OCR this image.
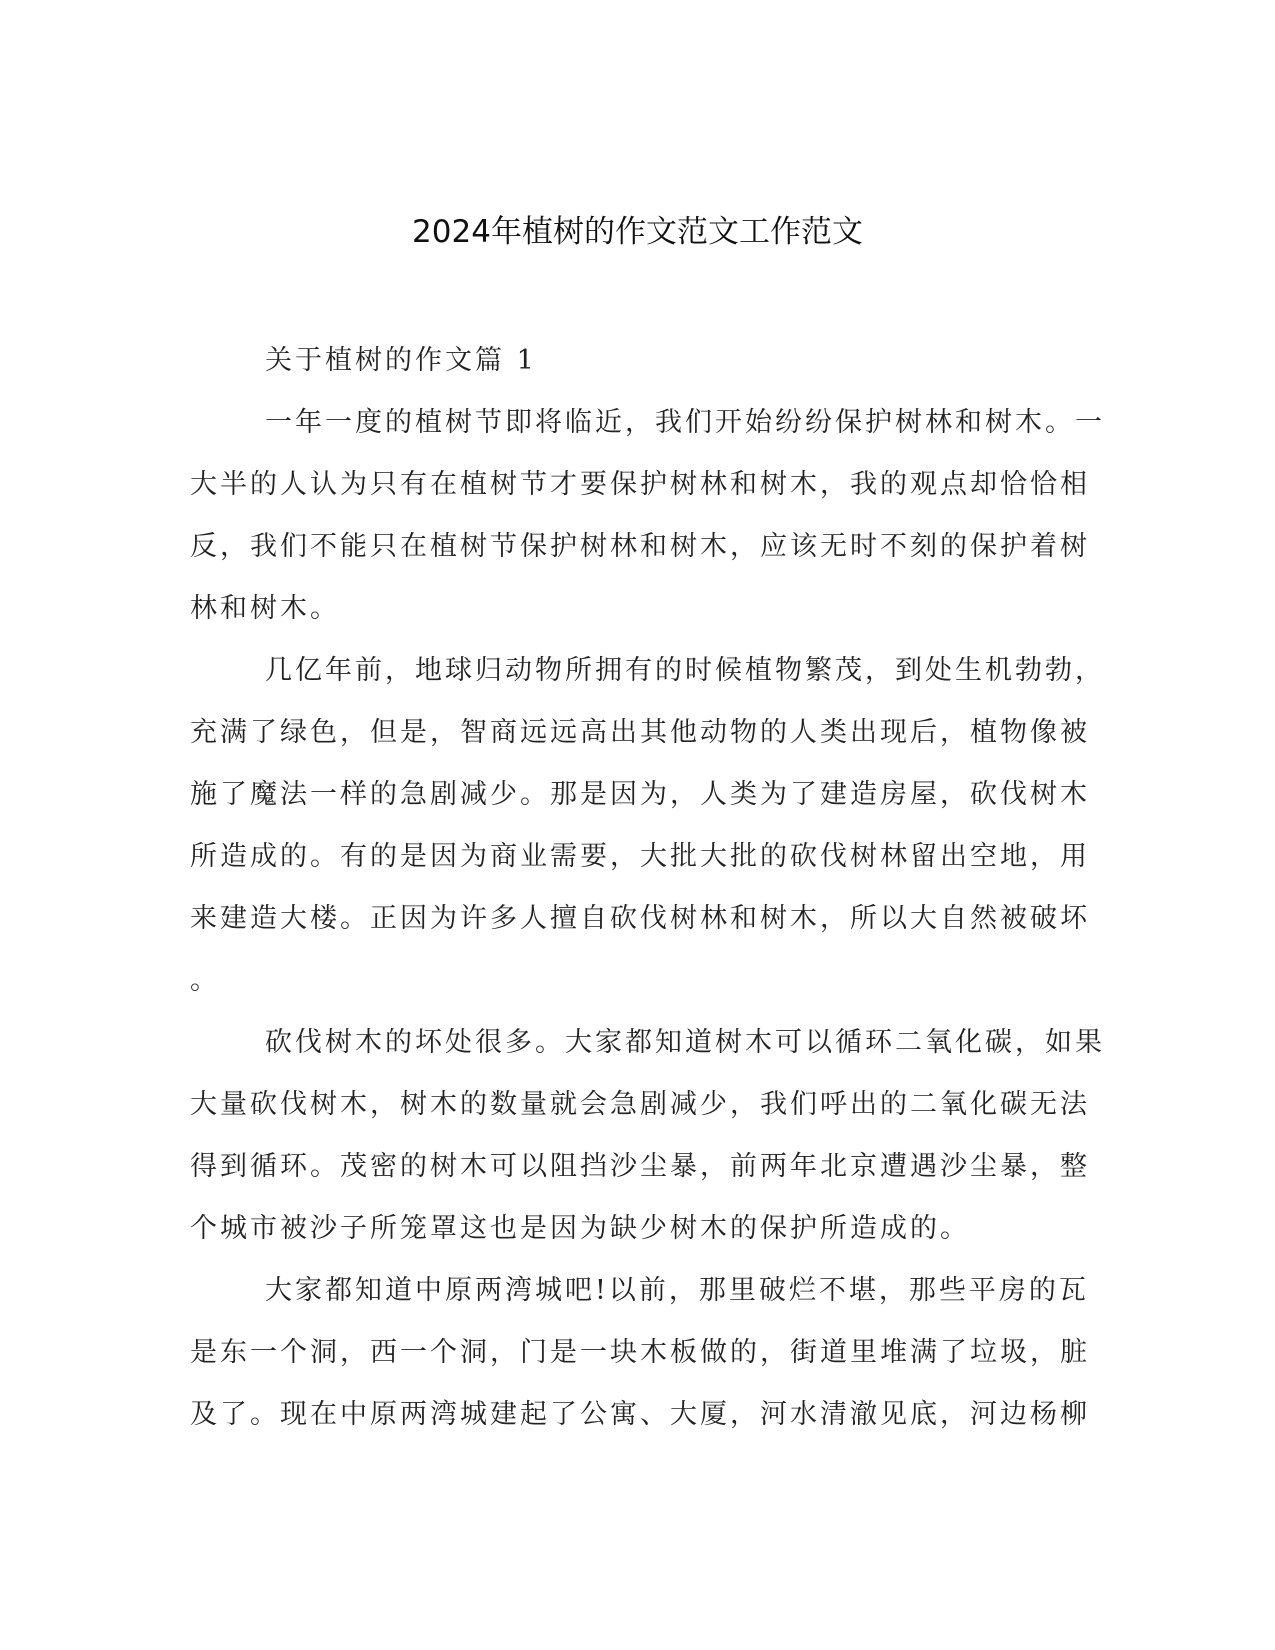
2024年植树的作文范文工作范文
关于植树的作文篇 1
一年一度的植树节即将临近，我们开始纷纷保护树林和树木。一
大半的人认为只有在植树节才要保护树林和树木，我的观点却恰恰相
反，我们不能只在植树节保护树林和树木，应该无时不刻的保护着树
林和树木。
几亿年前，地球归动物所拥有的时候植物繁茂，到处生机勃勃，
充满了绿色，但是，智商远远高出其他动物的人类出现后，植物像被
施了魔法一样的急剧减少。那是因为，人类为了建造房屋，砍伐树木
所造成的。有的是因为商业需要，大批大批的砍伐树林留出空地，用
来建造大楼。正因为许多人擅自砍伐树林和树木，所以大自然被破坏
。
砍伐树木的坏处很多。大家都知道树木可以循环二氧化碳，如果
大量砍伐树木，树木的数量就会急剧减少，我们呼出的二氧化碳无法
得到循环。茂密的树木可以阻挡沙尘暴，前两年北京遭遇沙尘暴，整
个城市被沙子所笼罩这也是因为缺少树木的保护所造成的。
大家都知道中原两湾城吧!以前，那里破烂不堪，那些平房的瓦
是东一个洞，西一个洞，门是一块木板做的，街道里堆满了垃圾，脏
及了。现在中原两湾城建起了公寓、大厦，河水清澈见底，河边杨柳
